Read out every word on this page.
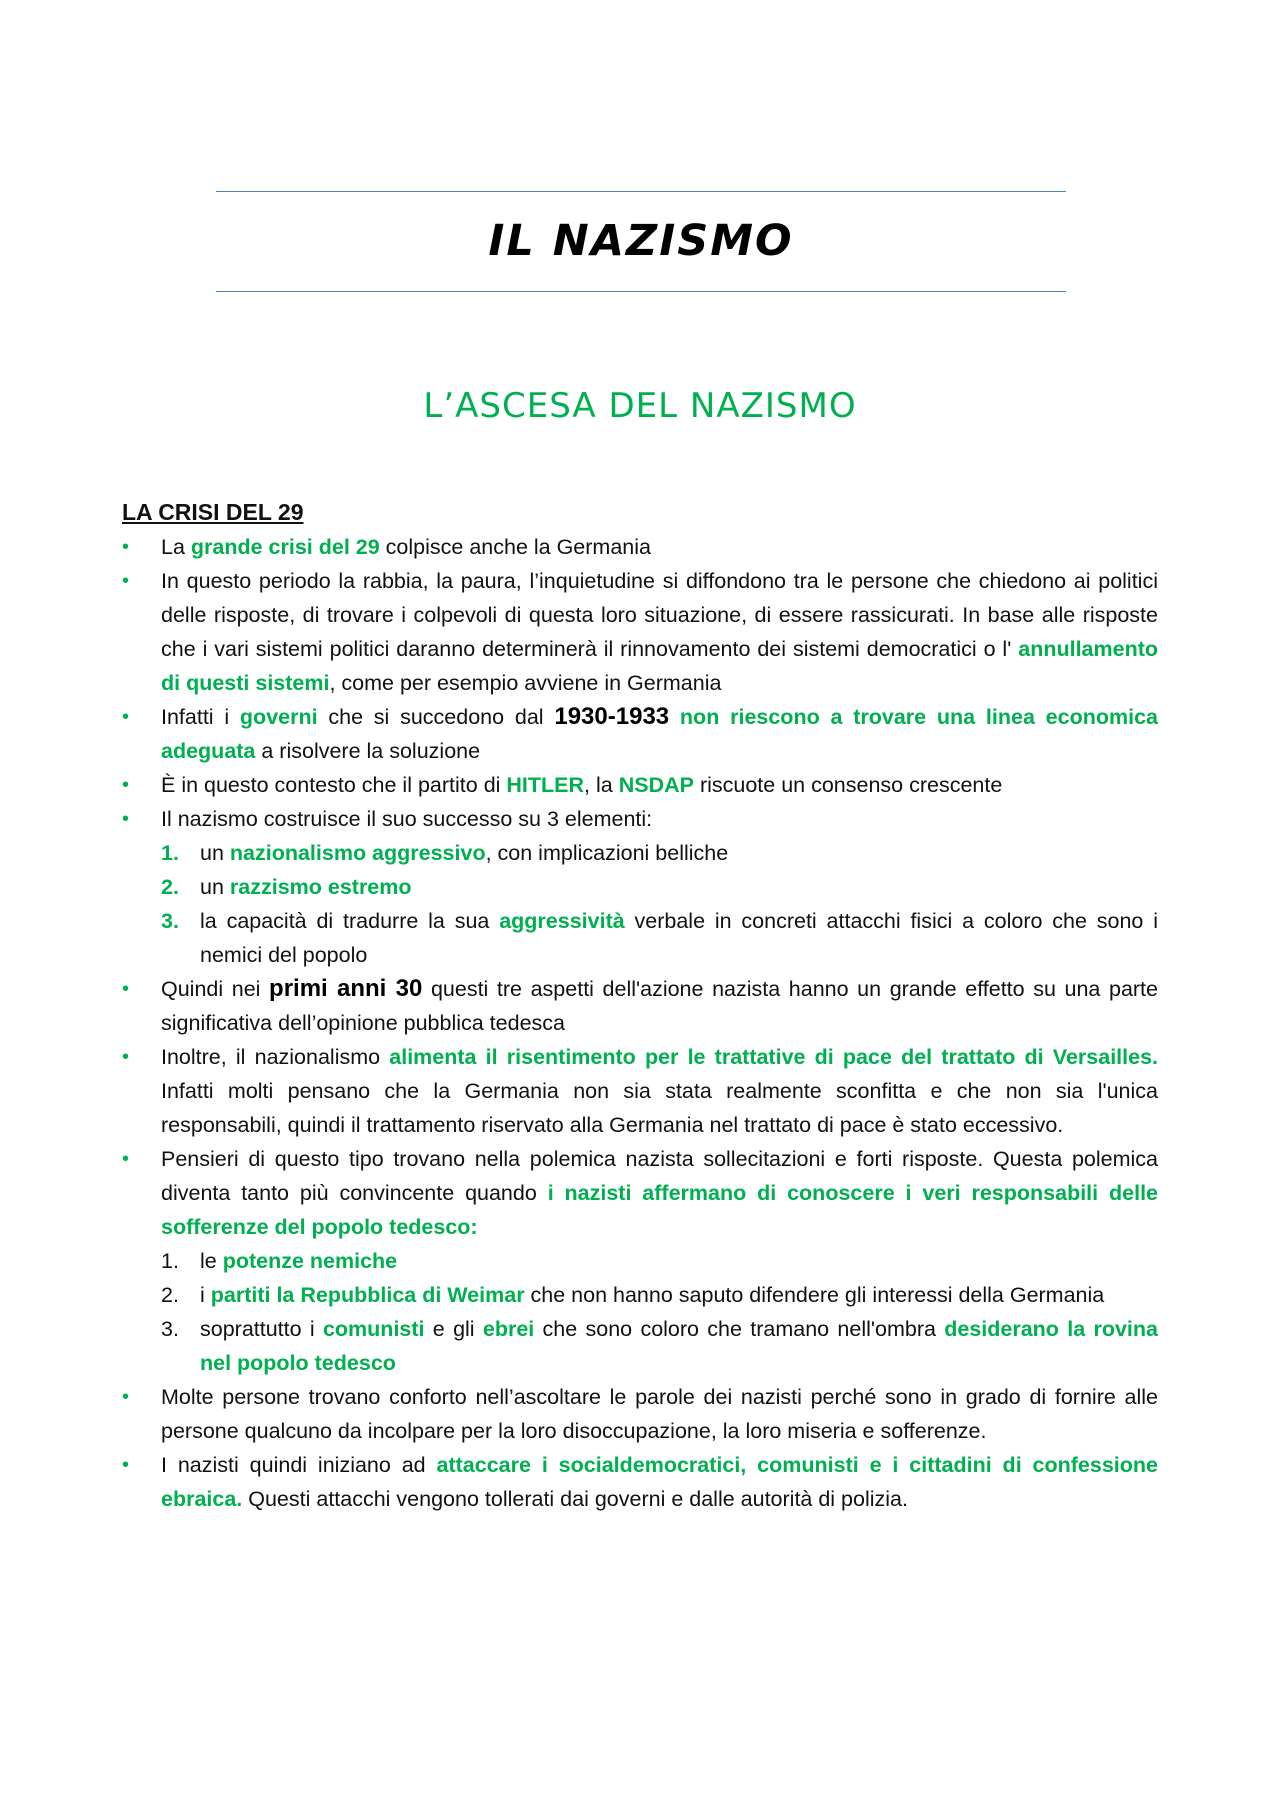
IL NAZISMO
L’ASCESA DEL NAZISMO

LA CRISI DEL 29

•	La grande crisi del 29 colpisce anche la Germania
•	In questo periodo la rabbia, la paura, l’inquietudine si diffondono tra le persone che chiedono ai politici delle risposte, di trovare i colpevoli di questa loro situazione, di essere rassicurati. In base alle risposte che i vari sistemi politici daranno determinerà il rinnovamento dei sistemi democratici o l' annullamento di questi sistemi, come per esempio avviene in Germania
•	Infatti i governi che si succedono dal 1930-1933 non riescono a trovare una linea economica adeguata a risolvere la soluzione
•	È in questo contesto che il partito di HITLER, la NSDAP riscuote un consenso crescente
•	Il nazismo costruisce il suo successo su 3 elementi:
1. un nazionalismo aggressivo, con implicazioni belliche
2. un razzismo estremo
3. la capacità di tradurre la sua aggressività verbale in concreti attacchi fisici a coloro che sono i nemici del popolo
•	Quindi nei primi anni 30 questi tre aspetti dell'azione nazista hanno un grande effetto su una parte significativa dell’opinione pubblica tedesca
•	Inoltre, il nazionalismo alimenta il risentimento per le trattative di pace del trattato di Versailles. Infatti molti pensano che la Germania non sia stata realmente sconfitta e che non sia l'unica responsabili, quindi il trattamento riservato alla Germania nel trattato di pace è stato eccessivo.
•	Pensieri di questo tipo trovano nella polemica nazista sollecitazioni e forti risposte. Questa polemica diventa tanto più convincente quando i nazisti affermano di conoscere i veri responsabili delle sofferenze del popolo tedesco:
1. le potenze nemiche
2. i partiti la Repubblica di Weimar che non hanno saputo difendere gli interessi della Germania
3. soprattutto i comunisti e gli ebrei che sono coloro che tramano nell'ombra desiderano la rovina nel popolo tedesco
•	Molte persone trovano conforto nell’ascoltare le parole dei nazisti perché sono in grado di fornire alle persone qualcuno da incolpare per la loro disoccupazione, la loro miseria e sofferenze.
•	I nazisti quindi iniziano ad attaccare i socialdemocratici, comunisti e i cittadini di confessione ebraica. Questi attacchi vengono tollerati dai governi e dalle autorità di polizia.
